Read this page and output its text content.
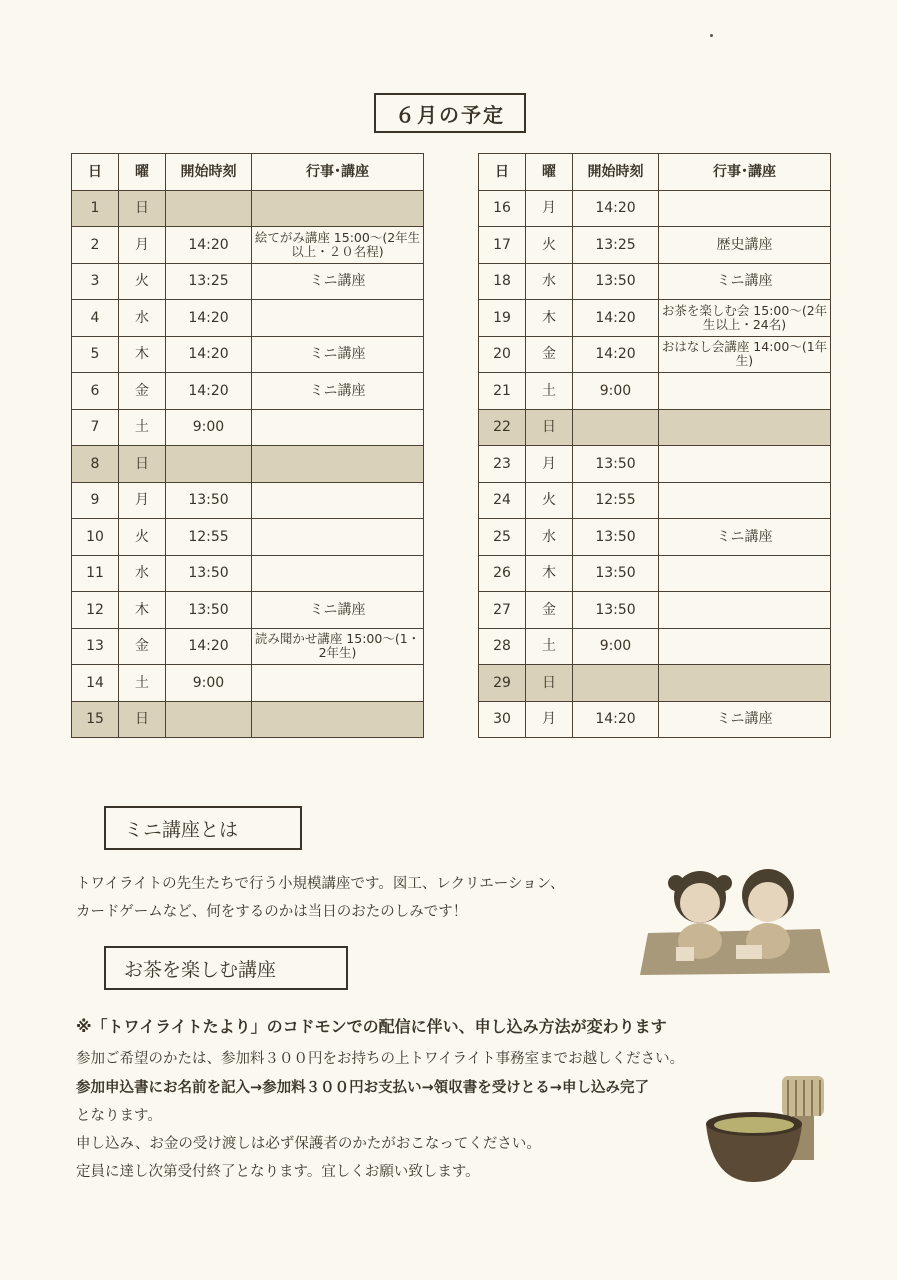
６月の予定
日	曜	開始時刻	行事･講座
1	日		
2	月	14:20	絵てがみ講座 15:00～(2年生以上・２０名程)
3	火	13:25	ミニ講座
4	水	14:20	
5	木	14:20	ミニ講座
6	金	14:20	ミニ講座
7	土	9:00	
8	日		
9	月	13:50	
10	火	12:55	
11	水	13:50	
12	木	13:50	ミニ講座
13	金	14:20	読み聞かせ講座 15:00～(1・2年生)
14	土	9:00	
15	日		
日	曜	開始時刻	行事･講座
16	月	14:20	
17	火	13:25	歴史講座
18	水	13:50	ミニ講座
19	木	14:20	お茶を楽しむ会 15:00～(2年生以上・24名)
20	金	14:20	おはなし会講座 14:00～(1年生)
21	土	9:00	
22	日		
23	月	13:50	
24	火	12:55	
25	水	13:50	ミニ講座
26	木	13:50	
27	金	13:50	
28	土	9:00	
29	日		
30	月	14:20	ミニ講座
ミニ講座とは
トワイライトの先生たちで行う小規模講座です。図工、レクリエーション、
カードゲームなど、何をするのかは当日のおたのしみです！
お茶を楽しむ講座
※「トワイライトたより」のコドモンでの配信に伴い、申し込み方法が変わります
参加ご希望のかたは、参加料３００円をお持ちの上トワイライト事務室までお越しください。
参加申込書にお名前を記入→参加料３００円お支払い→領収書を受けとる→申し込み完了
となります。
申し込み、お金の受け渡しは必ず保護者のかたがおこなってください。
定員に達し次第受付終了となります。宜しくお願い致します。
